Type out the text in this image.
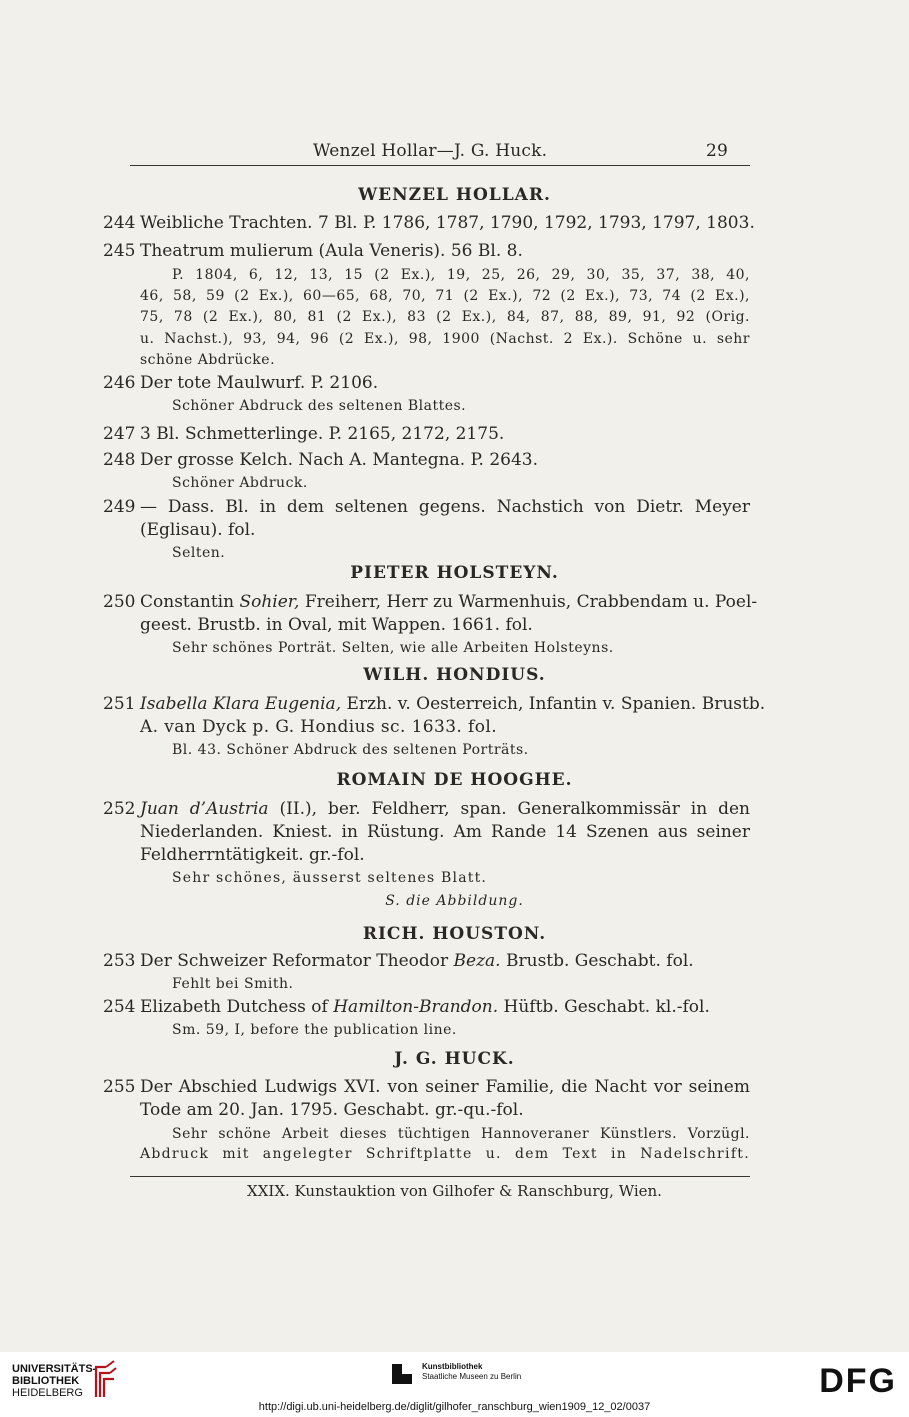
Wenzel Hollar—J. G. Huck.	29
WENZEL HOLLAR.
244 Weibliche Trachten. 7 Bl. P. 1786, 1787, 1790, 1792, 1793, 1797, 1803.
245 Theatrum mulierum (Aula Veneris). 56 Bl. 8.
P. 1804, 6, 12, 13, 15 (2 Ex.), 19, 25, 26, 29, 30, 35, 37, 38, 40,
46, 58, 59 (2 Ex.), 60—65, 68, 70, 71 (2 Ex.), 72 (2 Ex.), 73, 74 (2 Ex.),
75, 78 (2 Ex.), 80, 81 (2 Ex.), 83 (2 Ex.), 84, 87, 88, 89, 91, 92 (Orig.
u. Nachst.), 93, 94, 96 (2 Ex.), 98, 1900 (Nachst. 2 Ex.). Schöne u. sehr
schöne Abdrücke.
246 Der tote Maulwurf. P. 2106.
Schöner Abdruck des seltenen Blattes.
247 3 Bl. Schmetterlinge. P. 2165, 2172, 2175.
248 Der grosse Kelch. Nach A. Mantegna. P. 2643.
Schöner Abdruck.
249 — Dass. Bl. in dem seltenen gegens. Nachstich von Dietr. Meyer
(Eglisau). fol.
Selten.
PIETER HOLSTEYN.
250 Constantin Sohier, Freiherr, Herr zu Warmenhuis, Crabbendam u. Poel-
geest. Brustb. in Oval, mit Wappen. 1661. fol.
Sehr schönes Porträt. Selten, wie alle Arbeiten Holsteyns.
WILH. HONDIUS.
251 Isabella Klara Eugenia, Erzh. v. Oesterreich, Infantin v. Spanien. Brustb.
A. van Dyck p. G. Hondius sc. 1633. fol.
Bl. 43. Schöner Abdruck des seltenen Porträts.
ROMAIN DE HOOGHE.
252 Juan d’Austria (II.), ber. Feldherr, span. Generalkommissär in den
Niederlanden. Kniest. in Rüstung. Am Rande 14 Szenen aus seiner
Feldherrntätigkeit. gr.-fol.
Sehr schönes, äusserst seltenes Blatt.
S. die Abbildung.
RICH. HOUSTON.
253 Der Schweizer Reformator Theodor Beza. Brustb. Geschabt. fol.
Fehlt bei Smith.
254 Elizabeth Dutchess of Hamilton-Brandon. Hüftb. Geschabt. kl.-fol.
Sm. 59, I, before the publication line.
J. G. HUCK.
255 Der Abschied Ludwigs XVI. von seiner Familie, die Nacht vor seinem
Tode am 20. Jan. 1795. Geschabt. gr.-qu.-fol.
Sehr schöne Arbeit dieses tüchtigen Hannoveraner Künstlers. Vorzügl.
Abdruck mit angelegter Schriftplatte u. dem Text in Nadelschrift.
XXIX. Kunstauktion von Gilhofer & Ranschburg, Wien.
UNIVERSITÄTS-
BIBLIOTHEK
HEIDELBERG
Kunstbibliothek
Staatliche Museen zu Berlin	DFG
http://digi.ub.uni-heidelberg.de/diglit/gilhofer_ranschburg_wien1909_12_02/0037
